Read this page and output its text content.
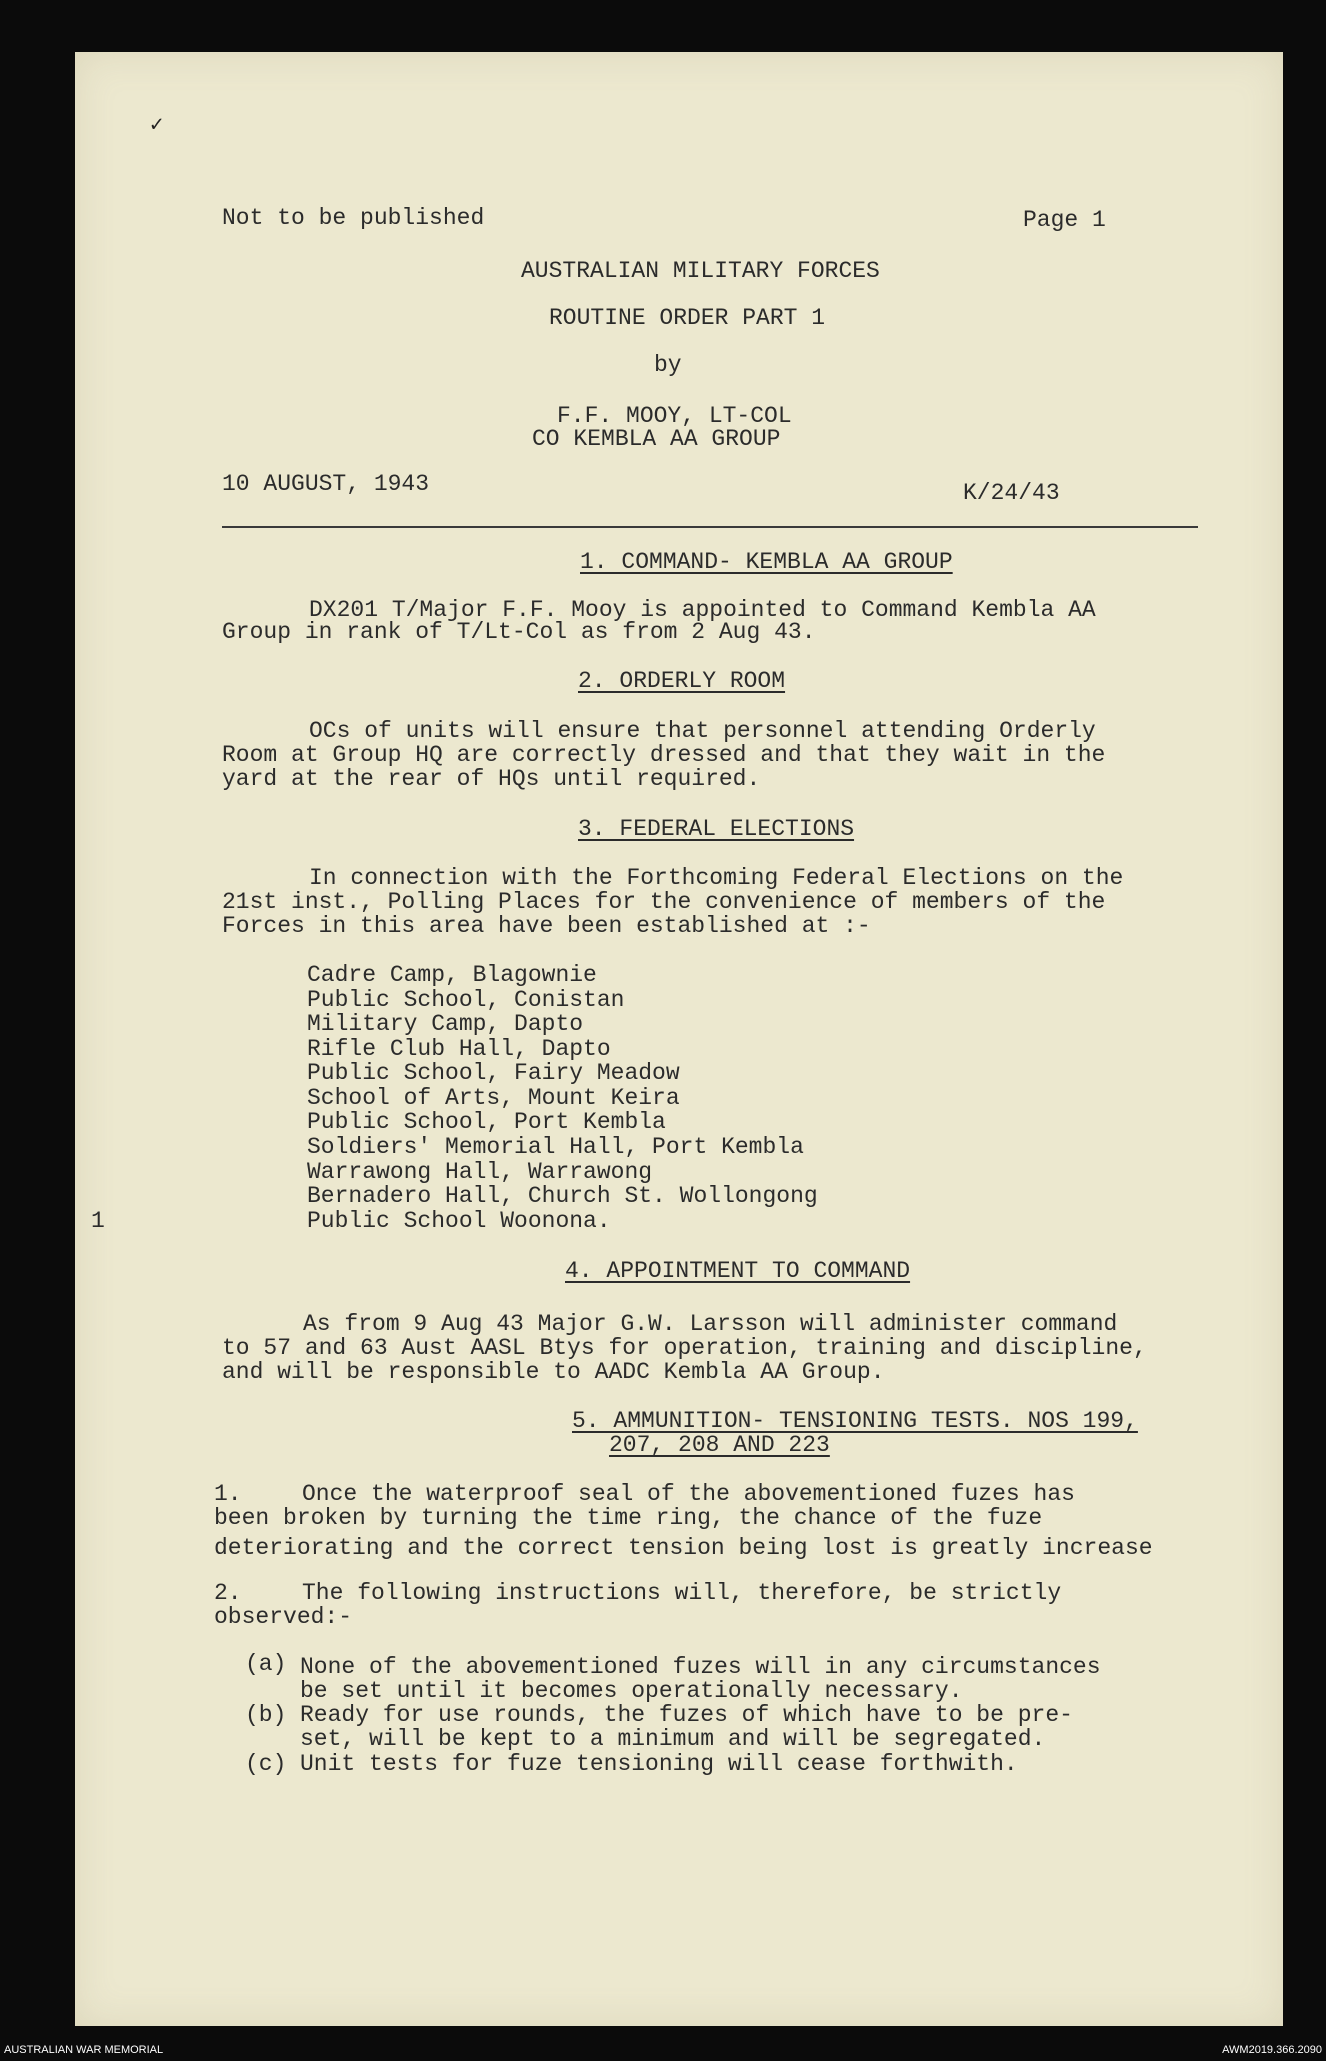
✓
Not to be published	Page 1
AUSTRALIAN MILITARY FORCES
ROUTINE ORDER PART 1
by
F.F. MOOY, LT-COL
CO KEMBLA AA GROUP
10 AUGUST, 1943	K/24/43
1. COMMAND- KEMBLA AA GROUP
DX201 T/Major F.F. Mooy is appointed to Command Kembla AA
Group in rank of T/Lt-Col as from 2 Aug 43.
2. ORDERLY ROOM
OCs of units will ensure that personnel attending Orderly
Room at Group HQ are correctly dressed and that they wait in the
yard at the rear of HQs until required.
3. FEDERAL ELECTIONS
In connection with the Forthcoming Federal Elections on the
21st inst., Polling Places for the convenience of members of the
Forces in this area have been established at :-
Cadre Camp, Blagownie
Public School, Conistan
Military Camp, Dapto
Rifle Club Hall, Dapto
Public School, Fairy Meadow
School of Arts, Mount Keira
Public School, Port Kembla
Soldiers' Memorial Hall, Port Kembla
Warrawong Hall, Warrawong
Bernadero Hall, Church St. Wollongong
Public School Woonona.
1
4. APPOINTMENT TO COMMAND
As from 9 Aug 43 Major G.W. Larsson will administer command
to 57 and 63 Aust AASL Btys for operation, training and discipline,
and will be responsible to AADC Kembla AA Group.
5. AMMUNITION- TENSIONING TESTS. NOS 199,
207, 208 AND 223
1.	Once the waterproof seal of the abovementioned fuzes has
been broken by turning the time ring, the chance of the fuze
deteriorating and the correct tension being lost is greatly increase
2.	The following instructions will, therefore, be strictly
observed:-
(a) None of the abovementioned fuzes will in any circumstances
be set until it becomes operationally necessary.
(b) Ready for use rounds, the fuzes of which have to be pre-
set, will be kept to a minimum and will be segregated.
(c) Unit tests for fuze tensioning will cease forthwith.
AUSTRALIAN WAR MEMORIAL	AWM2019.366.2090
